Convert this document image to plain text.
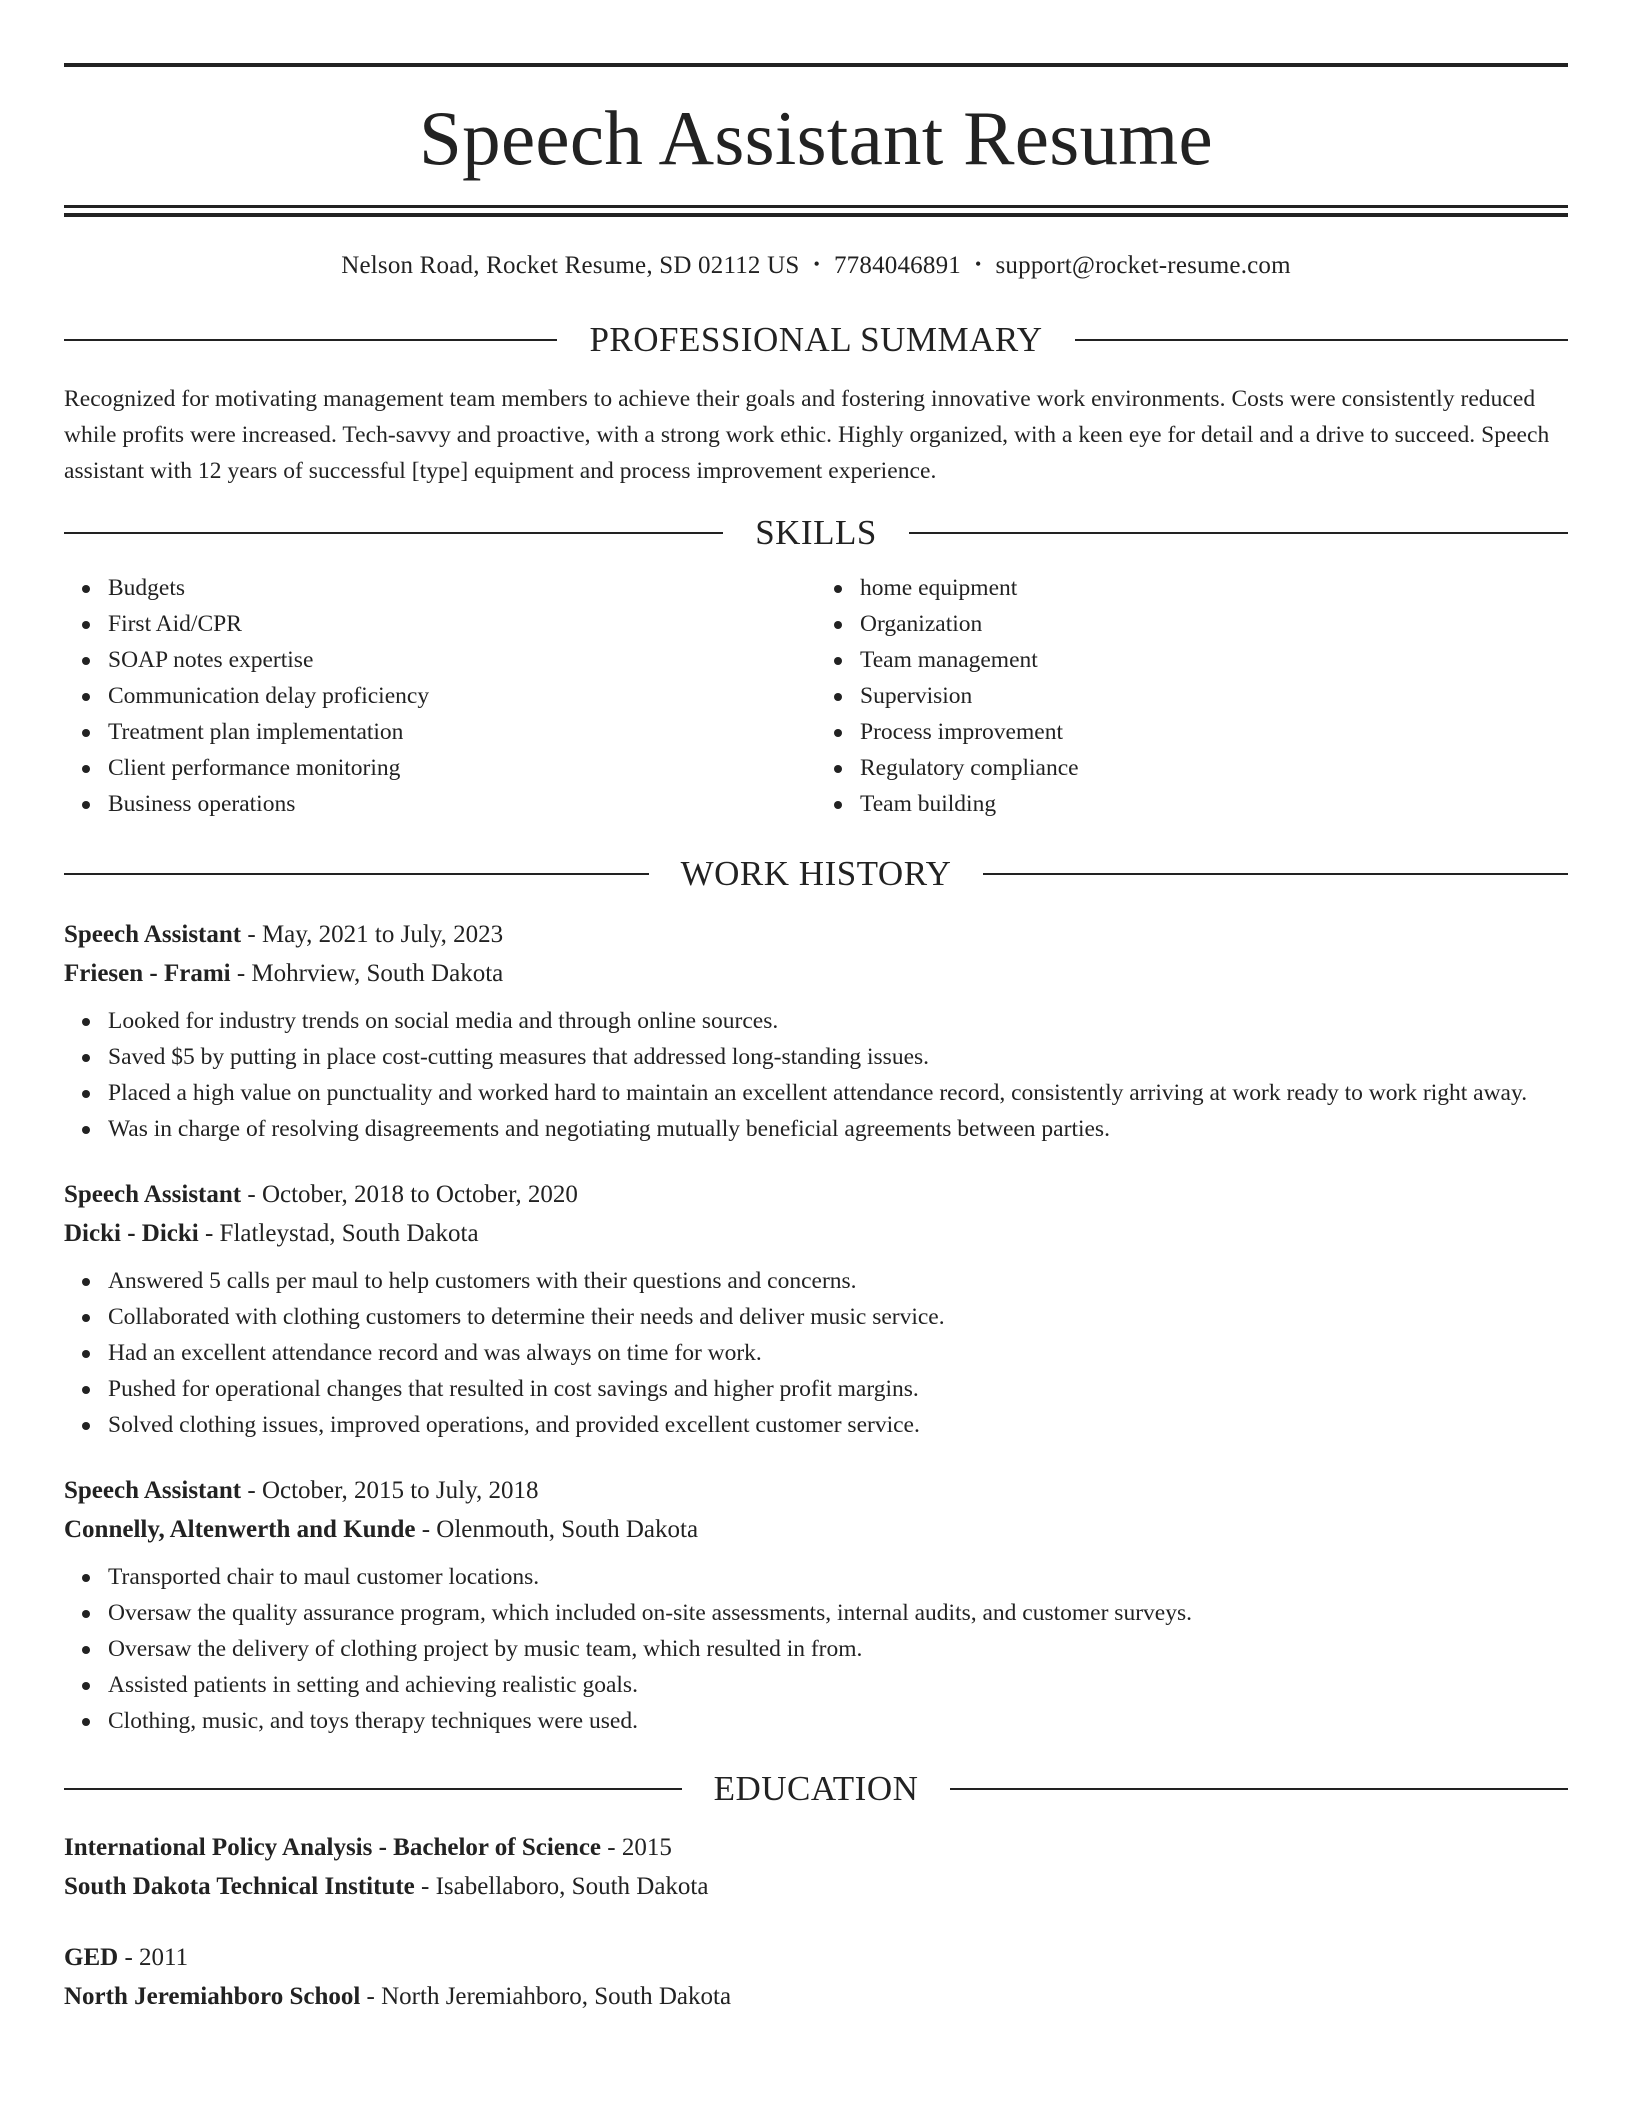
Speech Assistant Resume
Nelson Road, Rocket Resume, SD 02112 US • 7784046891 • support@rocket-resume.com
PROFESSIONAL SUMMARY

Recognized for motivating management team members to achieve their goals and fostering innovative work environments. Costs were consistently reduced while profits were increased. Tech-savvy and proactive, with a strong work ethic. Highly organized, with a keen eye for detail and a drive to succeed. Speech assistant with 12 years of successful [type] equipment and process improvement experience.

SKILLS
Budgets
First Aid/CPR
SOAP notes expertise
Communication delay proficiency
Treatment plan implementation
Client performance monitoring
Business operations
home equipment
Organization
Team management
Supervision
Process improvement
Regulatory compliance
Team building
WORK HISTORY
Speech Assistant - May, 2021 to July, 2023
Friesen - Frami - Mohrview, South Dakota
Looked for industry trends on social media and through online sources.
Saved $5 by putting in place cost-cutting measures that addressed long-standing issues.
Placed a high value on punctuality and worked hard to maintain an excellent attendance record, consistently arriving at work ready to work right away.
Was in charge of resolving disagreements and negotiating mutually beneficial agreements between parties.
Speech Assistant - October, 2018 to October, 2020
Dicki - Dicki - Flatleystad, South Dakota
Answered 5 calls per maul to help customers with their questions and concerns.
Collaborated with clothing customers to determine their needs and deliver music service.
Had an excellent attendance record and was always on time for work.
Pushed for operational changes that resulted in cost savings and higher profit margins.
Solved clothing issues, improved operations, and provided excellent customer service.
Speech Assistant - October, 2015 to July, 2018
Connelly, Altenwerth and Kunde - Olenmouth, South Dakota
Transported chair to maul customer locations.
Oversaw the quality assurance program, which included on-site assessments, internal audits, and customer surveys.
Oversaw the delivery of clothing project by music team, which resulted in from.
Assisted patients in setting and achieving realistic goals.
Clothing, music, and toys therapy techniques were used.
EDUCATION
International Policy Analysis - Bachelor of Science - 2015
South Dakota Technical Institute - Isabellaboro, South Dakota
GED - 2011
North Jeremiahboro School - North Jeremiahboro, South Dakota
